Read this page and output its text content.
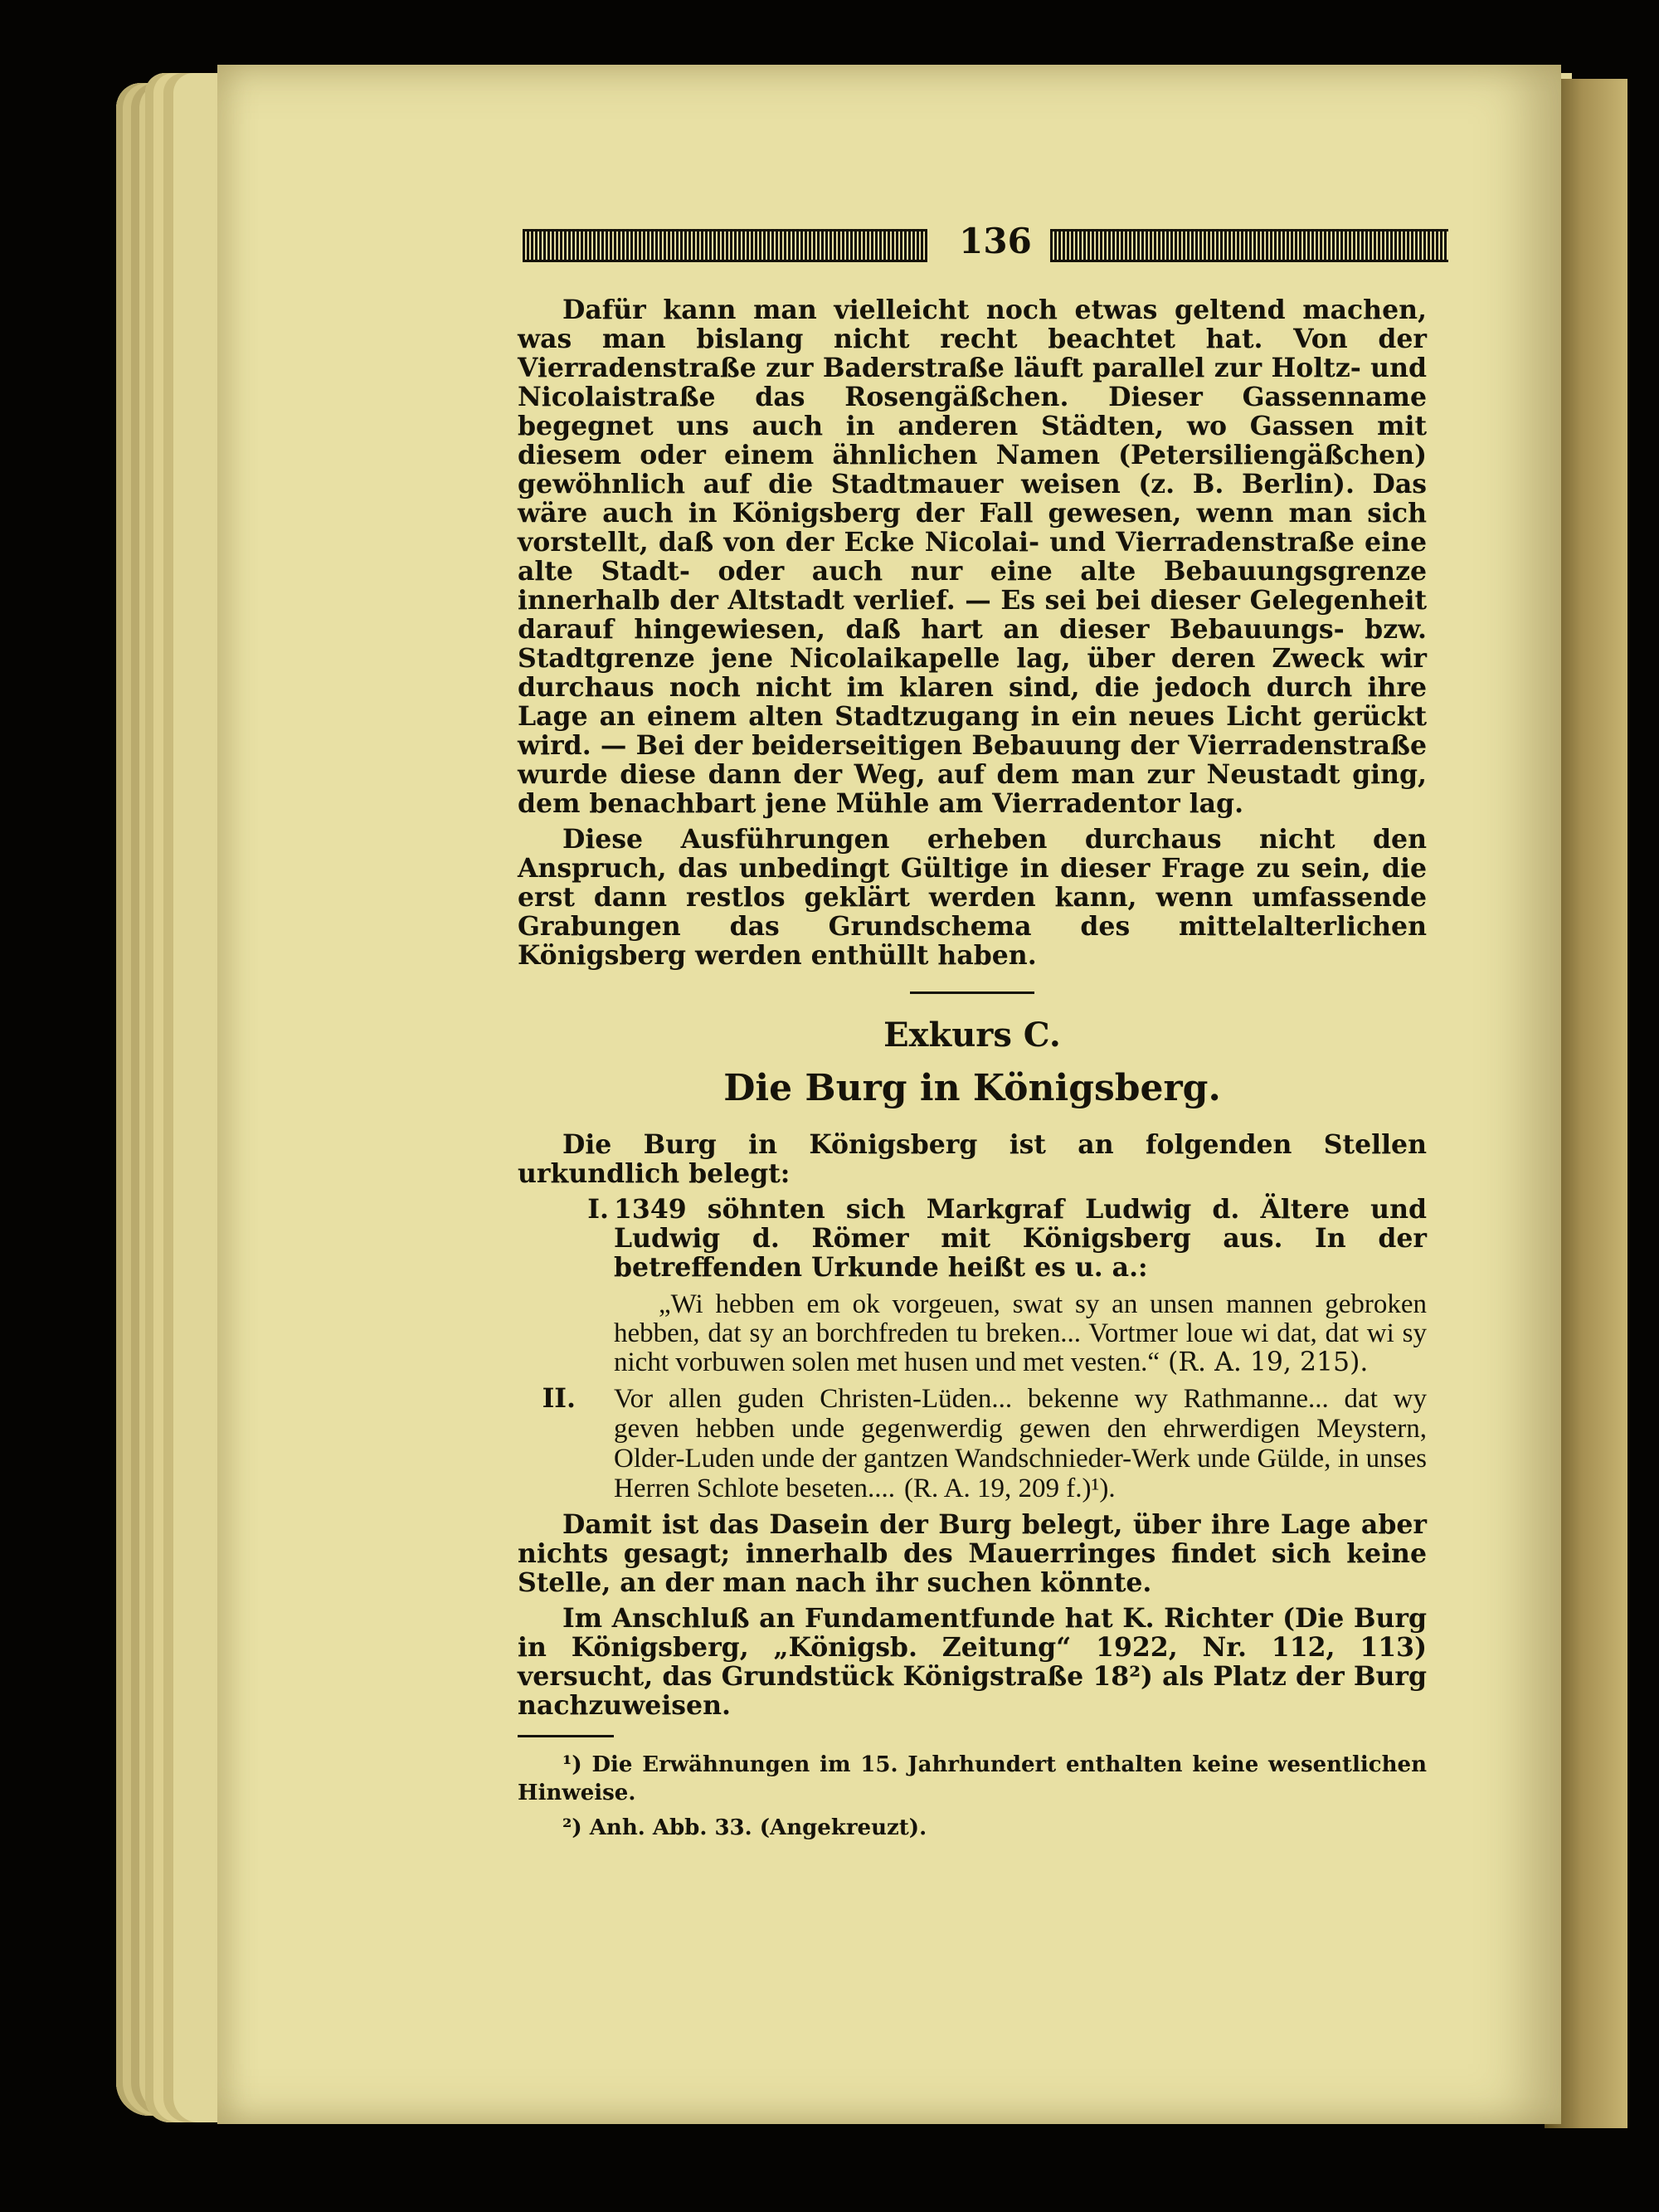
136

Dafür kann man vielleicht noch etwas geltend machen, was man bislang nicht recht beachtet hat. Von der Vierradenstraße zur Baderstraße läuft parallel zur Holtz- und Nicolaistraße das Rosengäßchen. Dieser Gassenname begegnet uns auch in anderen Städten, wo Gassen mit diesem oder einem ähnlichen Namen (Petersiliengäßchen) gewöhnlich auf die Stadtmauer weisen (z. B. Berlin). Das wäre auch in Königsberg der Fall gewesen, wenn man sich vorstellt, daß von der Ecke Nicolai- und Vierradenstraße eine alte Stadt- oder auch nur eine alte Bebauungsgrenze innerhalb der Altstadt verlief. — Es sei bei dieser Gelegenheit darauf hingewiesen, daß hart an dieser Bebauungs- bzw. Stadtgrenze jene Nicolaikapelle lag, über deren Zweck wir durchaus noch nicht im klaren sind, die jedoch durch ihre Lage an einem alten Stadtzugang in ein neues Licht gerückt wird. — Bei der beiderseitigen Bebauung der Vierradenstraße wurde diese dann der Weg, auf dem man zur Neustadt ging, dem benachbart jene Mühle am Vierradentor lag.

Diese Ausführungen erheben durchaus nicht den Anspruch, das unbedingt Gültige in dieser Frage zu sein, die erst dann restlos geklärt werden kann, wenn umfassende Grabungen das Grundschema des mittelalterlichen Königsberg werden enthüllt haben.

Exkurs C.
Die Burg in Königsberg.

Die Burg in Königsberg ist an folgenden Stellen urkundlich belegt:

I. 1349 söhnten sich Markgraf Ludwig d. Ältere und Ludwig d. Römer mit Königsberg aus. In der betreffenden Urkunde heißt es u. a.:
„Wi hebben em ok vorgeuen, swat sy an unsen mannen gebroken hebben, dat sy an borchfreden tu breken... Vortmer loue wi dat, dat wi sy nicht vorbuwen solen met husen und met vesten.“ (R. A. 19, 215).
II. Vor allen guden Christen-Lüden... bekenne wy Rathmanne... dat wy geven hebben unde gegenwerdig gewen den ehrwerdigen Meystern, Older-Luden unde der gantzen Wandschnieder-Werk unde Gülde, in unses Herren Schlote beseten.... (R. A. 19, 209 f.)¹).

Damit ist das Dasein der Burg belegt, über ihre Lage aber nichts gesagt; innerhalb des Mauerringes findet sich keine Stelle, an der man nach ihr suchen könnte.

Im Anschluß an Fundamentfunde hat K. Richter (Die Burg in Königsberg, „Königsb. Zeitung“ 1922, Nr. 112, 113) versucht, das Grundstück Königstraße 18²) als Platz der Burg nachzuweisen.

¹) Die Erwähnungen im 15. Jahrhundert enthalten keine wesentlichen Hinweise.

²) Anh. Abb. 33. (Angekreuzt).
